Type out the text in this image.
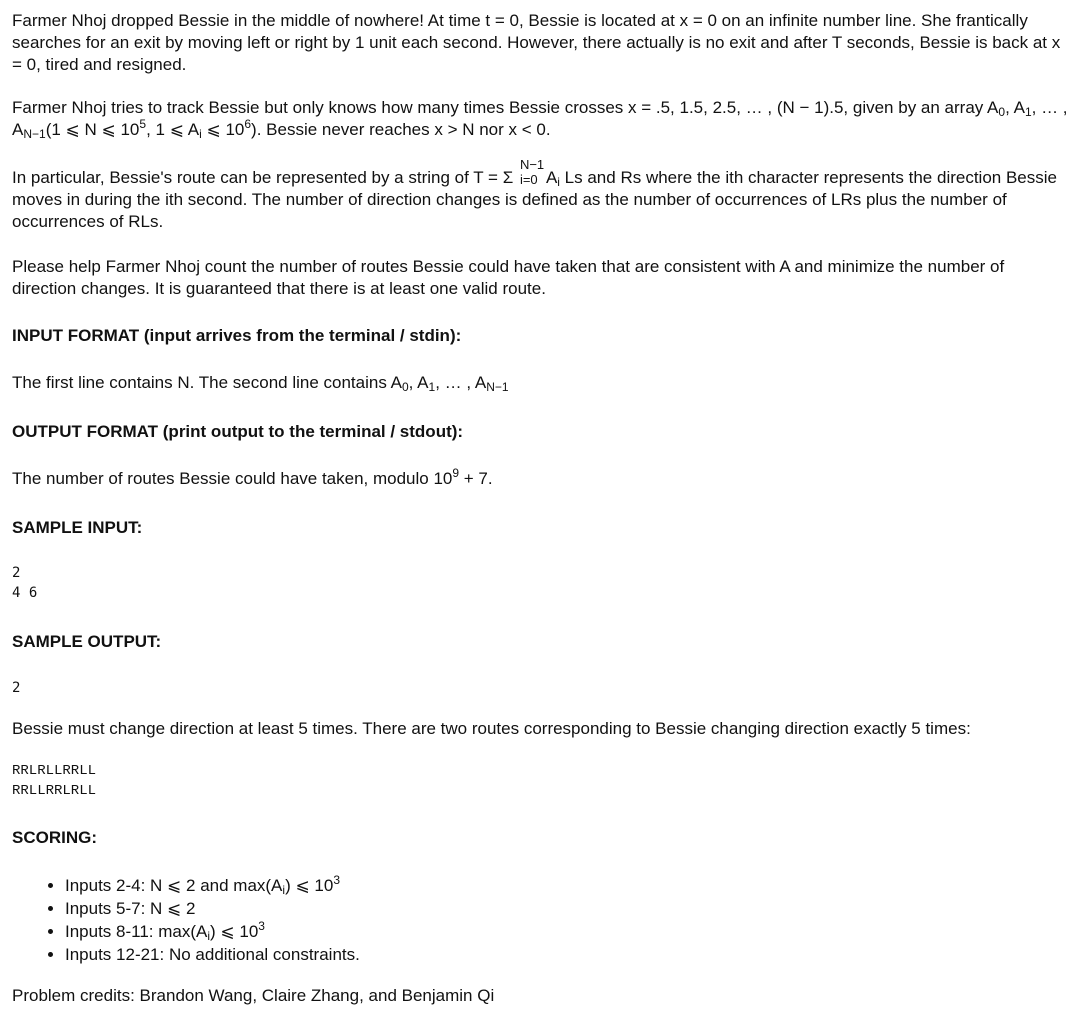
Farmer Nhoj dropped Bessie in the middle of nowhere! At time t = 0, Bessie is located at x = 0 on an infinite number line. She frantically searches for an exit by moving left or right by 1 unit each second. However, there actually is no exit and after T seconds, Bessie is back at x = 0, tired and resigned.

Farmer Nhoj tries to track Bessie but only knows how many times Bessie crosses x = .5, 1.5, 2.5, … , (N − 1).5, given by an array $A_0$, $A_1$, … , $A_{N-1}(1$ ⩽ N ⩽ $10^5$, 1 ⩽ $A_i$ ⩽ $10^6$). Bessie never reaches x > N nor x < 0.

In particular, Bessie's route can be represented by a string of T = Σ
N−1
i=0 $A_i$ Ls and Rs where the ith character represents the direction Bessie moves in during the ith second. The number of direction changes is defined as the number of occurrences of LRs plus the number of occurrences of RLs.

Please help Farmer Nhoj count the number of routes Bessie could have taken that are consistent with A and minimize the number of direction changes. It is guaranteed that there is at least one valid route.

INPUT FORMAT (input arrives from the terminal / stdin):

The first line contains N. The second line contains $A_0$, $A_1$, … , $A_{N-1}$

OUTPUT FORMAT (print output to the terminal / stdout):

The number of routes Bessie could have taken, modulo $10^9 + 7$.

SAMPLE INPUT:

2
4 6

SAMPLE OUTPUT:

2

Bessie must change direction at least 5 times. There are two routes corresponding to Bessie changing direction exactly 5 times:

RRLRLLRRLL
RRLLRRLRLL

SCORING:

• Inputs 2-4: N ⩽ 2 and $\max(A_i)$ ⩽ $10^3$
• Inputs 5-7: N ⩽ 2
• Inputs 8-11: $\max(A_i)$ ⩽ $10^3$
• Inputs 12-21: No additional constraints.

Problem credits: Brandon Wang, Claire Zhang, and Benjamin Qi
